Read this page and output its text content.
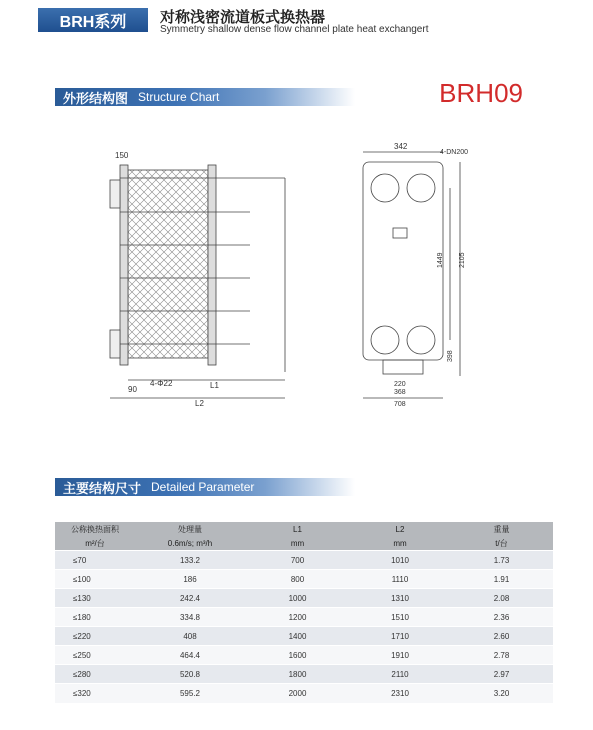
BRH系列	对称浅密流道板式换热器
Symmetry shallow dense flow channel plate heat exchangert
外形结构图 Structure Chart	BRH09
150
90
4-Φ22	L1
L2
342
4-DN200
1449 2105
398
220
368
708
主要结构尺寸 Detailed Parameter
公称换热面积	处理量	L1	L2	重量
m²/台	0.6m/s; m³/h	mm	mm	t/台
≤70	133.2	700	1010	1.73
≤100	186	800	1110	1.91
≤130	242.4	1000	1310	2.08
≤180	334.8	1200	1510	2.36
≤220	408	1400	1710	2.60
≤250	464.4	1600	1910	2.78
≤280	520.8	1800	2110	2.97
≤320	595.2	2000	2310	3.20
